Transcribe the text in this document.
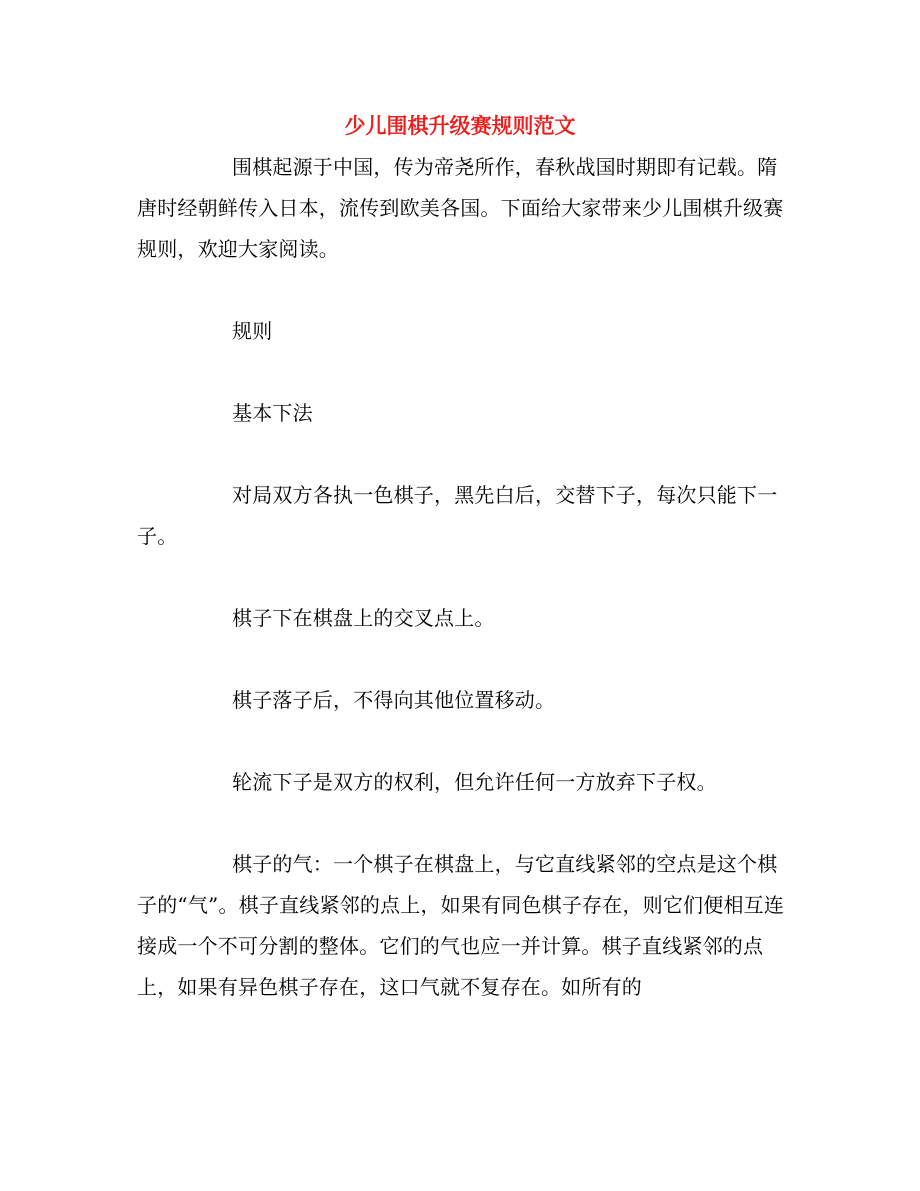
少儿围棋升级赛规则范文

围棋起源于中国，传为帝尧所作，春秋战国时期即有记载。隋唐时经朝鲜传入日本，流传到欧美各国。下面给大家带来少儿围棋升级赛规则，欢迎大家阅读。

规则

基本下法

对局双方各执一色棋子，黑先白后，交替下子，每次只能下一子。

棋子下在棋盘上的交叉点上。

棋子落子后，不得向其他位置移动。

轮流下子是双方的权利，但允许任何一方放弃下子权。

棋子的气：一个棋子在棋盘上，与它直线紧邻的空点是这个棋子的“气”。棋子直线紧邻的点上，如果有同色棋子存在，则它们便相互连接成一个不可分割的整体。它们的气也应一并计算。棋子直线紧邻的点上，如果有异色棋子存在，这口气就不复存在。如所有的
